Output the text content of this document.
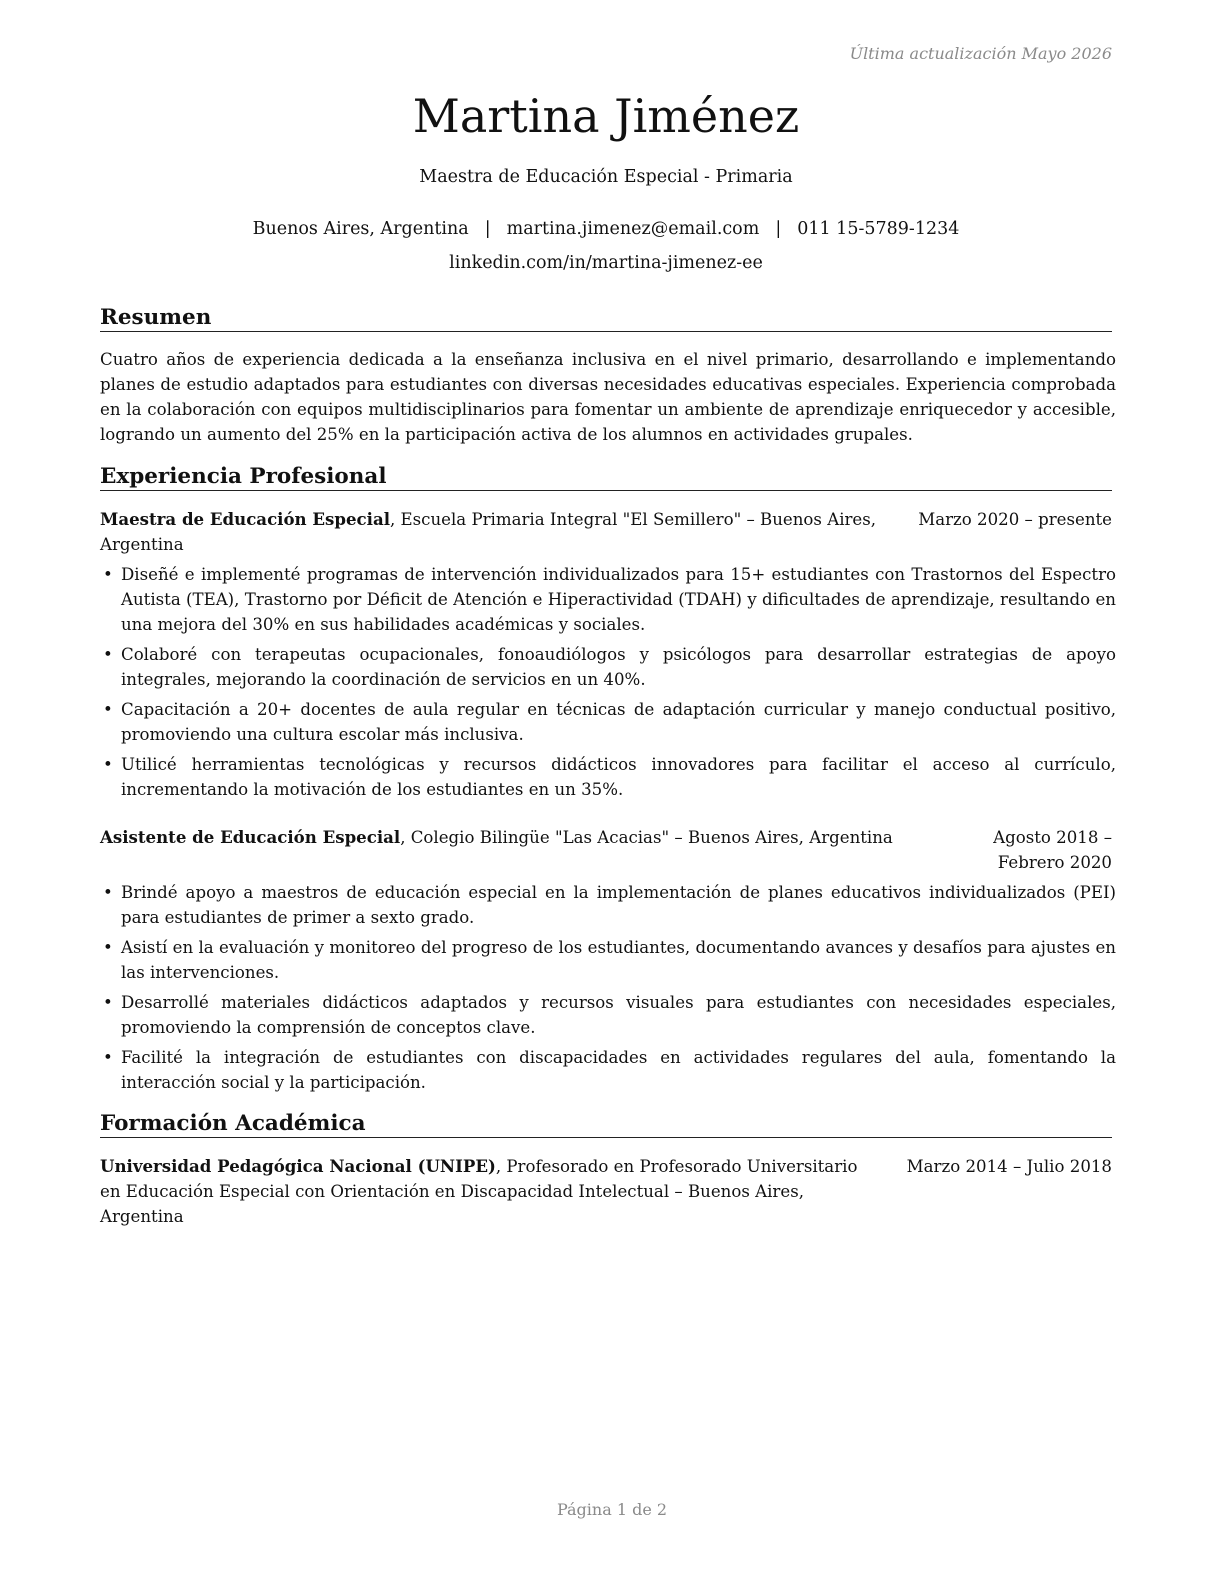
Última actualización Mayo 2026
Martina Jiménez
Maestra de Educación Especial - Primaria
Buenos Aires, Argentina | martina.jimenez@email.com | 011 15-5789-1234
linkedin.com/in/martina-jimenez-ee
Resumen
Cuatro años de experiencia dedicada a la enseñanza inclusiva en el nivel primario, desarrollando e implementando planes de estudio adaptados para estudiantes con diversas necesidades educativas especiales. Experiencia comprobada en la colaboración con equipos multidisciplinarios para fomentar un ambiente de aprendizaje enriquecedor y accesible, logrando un aumento del 25% en la participación activa de los alumnos en actividades grupales.
Experiencia Profesional
Maestra de Educación Especial, Escuela Primaria Integral "El Semillero" – Buenos Aires, Argentina
Marzo 2020 – presente
• Diseñé e implementé programas de intervención individualizados para 15+ estudiantes con Trastornos del Espectro Autista (TEA), Trastorno por Déficit de Atención e Hiperactividad (TDAH) y dificultades de aprendizaje, resultando en una mejora del 30% en sus habilidades académicas y sociales.
• Colaboré con terapeutas ocupacionales, fonoaudiólogos y psicólogos para desarrollar estrategias de apoyo integrales, mejorando la coordinación de servicios en un 40%.
• Capacitación a 20+ docentes de aula regular en técnicas de adaptación curricular y manejo conductual positivo, promoviendo una cultura escolar más inclusiva.
• Utilicé herramientas tecnológicas y recursos didácticos innovadores para facilitar el acceso al currículo, incrementando la motivación de los estudiantes en un 35%.
Asistente de Educación Especial, Colegio Bilingüe "Las Acacias" – Buenos Aires, Argentina	Agosto 2018 – Febrero 2020
• Brindé apoyo a maestros de educación especial en la implementación de planes educativos individualizados (PEI) para estudiantes de primer a sexto grado.
• Asistí en la evaluación y monitoreo del progreso de los estudiantes, documentando avances y desafíos para ajustes en las intervenciones.
• Desarrollé materiales didácticos adaptados y recursos visuales para estudiantes con necesidades especiales, promoviendo la comprensión de conceptos clave.
• Facilité la integración de estudiantes con discapacidades en actividades regulares del aula, fomentando la interacción social y la participación.
Formación Académica
Universidad Pedagógica Nacional (UNIPE), Profesorado en Profesorado Universitario en Educación Especial con Orientación en Discapacidad Intelectual – Buenos Aires, Argentina
Marzo 2014 – Julio 2018
Página 1 de 2
